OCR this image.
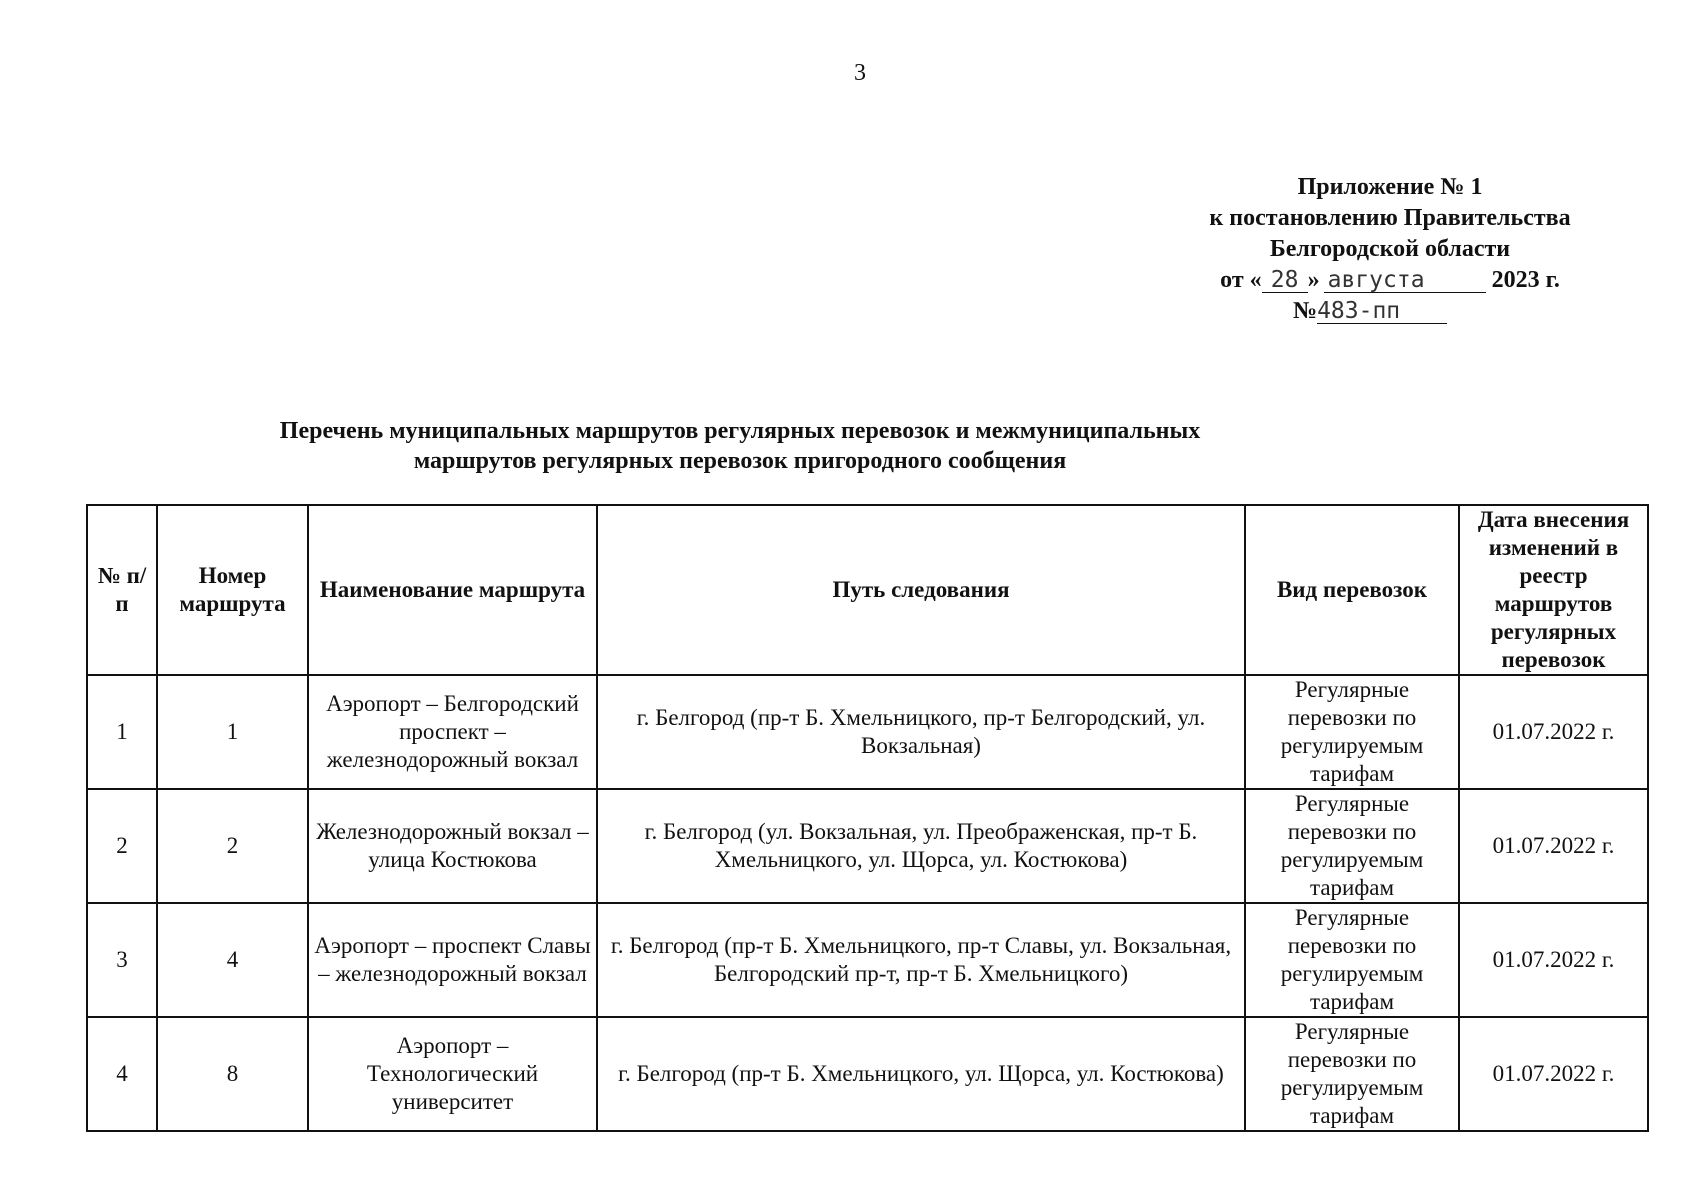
3
Приложение № 1
к постановлению Правительства
Белгородской области
от « 28 » августа	2023 г.
№483-пп
Перечень муниципальных маршрутов регулярных перевозок и межмуниципальных
маршрутов регулярных перевозок пригородного сообщения
№ п/п	Номер маршрута	Наименование маршрута	Путь следования	Вид перевозок	Дата внесения изменений в реестр маршрутов регулярных перевозок
1	1	Аэропорт – Белгородский проспект – железнодорожный вокзал	г. Белгород (пр-т Б. Хмельницкого, пр-т Белгородский, ул. Вокзальная)	Регулярные перевозки по регулируемым тарифам	01.07.2022 г.
2	2	Железнодорожный вокзал – улица Костюкова	г. Белгород (ул. Вокзальная, ул. Преображенская, пр-т Б. Хмельницкого, ул. Щорса, ул. Костюкова)	Регулярные перевозки по регулируемым тарифам	01.07.2022 г.
3	4	Аэропорт – проспект Славы – железнодорожный вокзал	г. Белгород (пр-т Б. Хмельницкого, пр-т Славы, ул. Вокзальная, Белгородский пр-т, пр-т Б. Хмельницкого)	Регулярные перевозки по регулируемым тарифам	01.07.2022 г.
4	8	Аэропорт – Технологический университет	г. Белгород (пр-т Б. Хмельницкого, ул. Щорса, ул. Костюкова)	Регулярные перевозки по регулируемым тарифам	01.07.2022 г.
